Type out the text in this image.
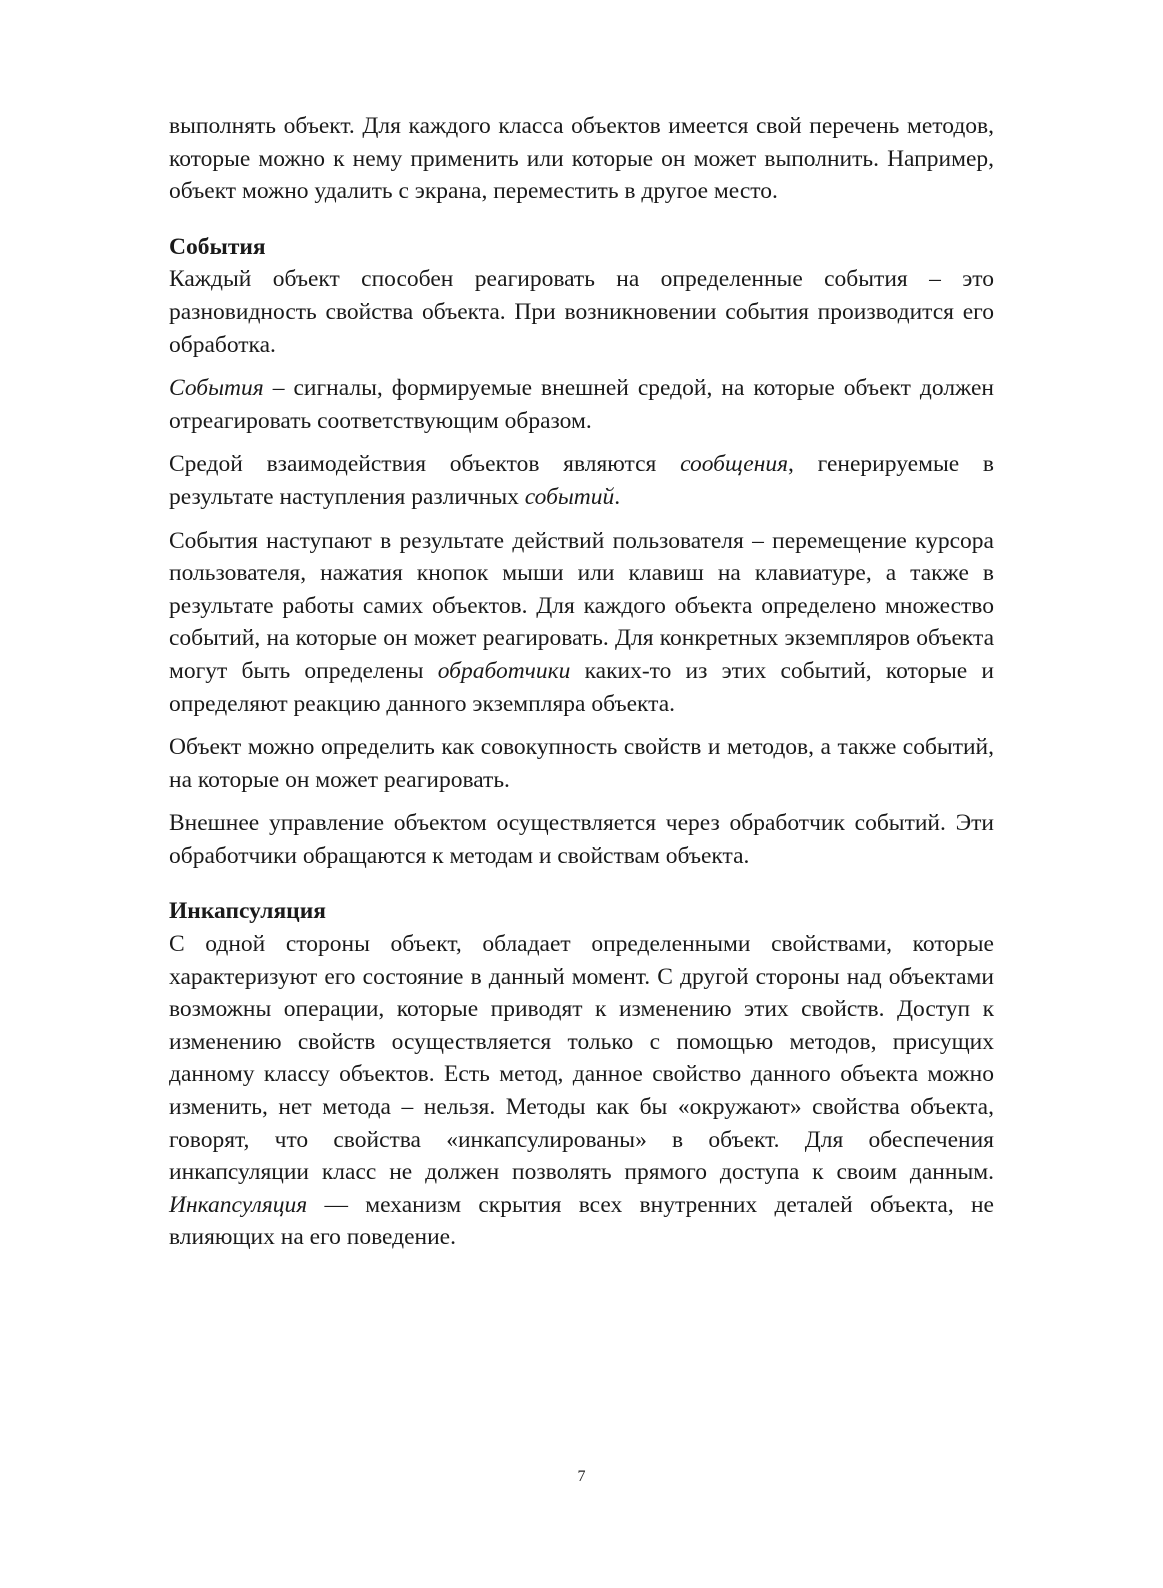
выполнять объект. Для каждого класса объектов имеется свой перечень методов, которые можно к нему применить или которые он может выполнить. Например, объект можно удалить с экрана, переместить в другое место.

События

Каждый объект способен реагировать на определенные события – это разновидность свойства объекта. При возникновении события производится его обработка.

События – сигналы, формируемые внешней средой, на которые объект должен отреагировать соответствующим образом.

Средой взаимодействия объектов являются сообщения, генерируемые в результате наступления различных событий.

События наступают в результате действий пользователя – перемещение курсора пользователя, нажатия кнопок мыши или клавиш на клавиатуре, а также в результате работы самих объектов. Для каждого объекта определено множество событий, на которые он может реагировать. Для конкретных экземпляров объекта могут быть определены обработчики каких-то из этих событий, которые и определяют реакцию данного экземпляра объекта.

Объект можно определить как совокупность свойств и методов, а также событий, на которые он может реагировать.

Внешнее управление объектом осуществляется через обработчик событий. Эти обработчики обращаются к методам и свойствам объекта.

Инкапсуляция

С одной стороны объект, обладает определенными свойствами, которые характеризуют его состояние в данный момент. С другой стороны над объектами возможны операции, которые приводят к изменению этих свойств. Доступ к изменению свойств осуществляется только с помощью методов, присущих данному классу объектов. Есть метод, данное свойство данного объекта можно изменить, нет метода – нельзя. Методы как бы «окружают» свойства объекта, говорят, что свойства «инкапсулированы» в объект. Для обеспечения инкапсуляции класс не должен позволять прямого доступа к своим данным. Инкапсуляция — механизм скрытия всех внутренних деталей объекта, не влияющих на его поведение.

7
